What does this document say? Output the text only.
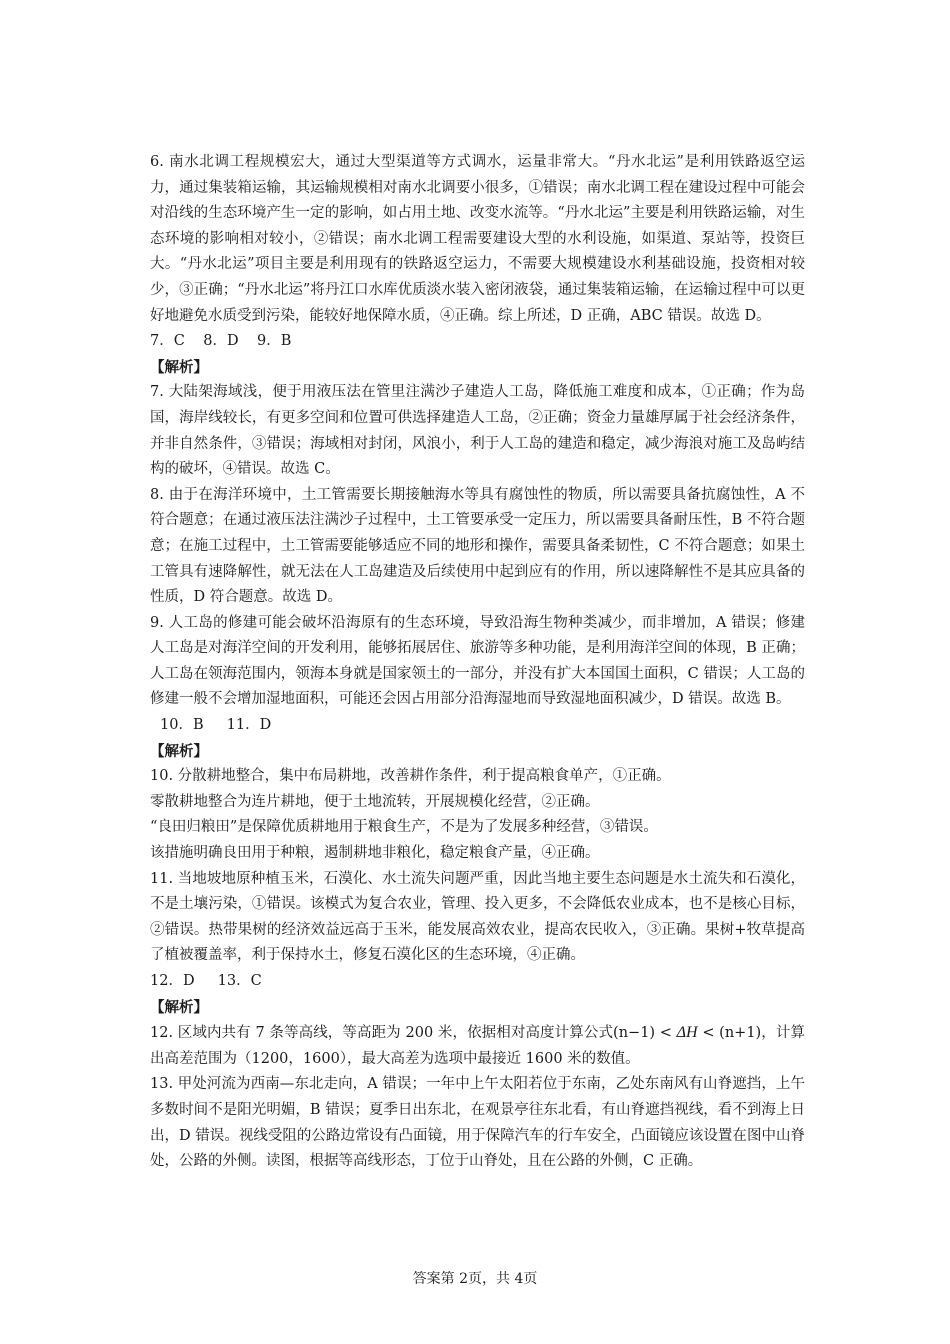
6. 南水北调工程规模宏大，通过大型渠道等方式调水，运量非常大。“丹水北运”是利用铁路返空运力，通过集装箱运输，其运输规模相对南水北调要小很多，①错误；南水北调工程在建设过程中可能会对沿线的生态环境产生一定的影响，如占用土地、改变水流等。“丹水北运”主要是利用铁路运输，对生态环境的影响相对较小，②错误；南水北调工程需要建设大型的水利设施，如渠道、泵站等，投资巨大。“丹水北运”项目主要是利用现有的铁路返空运力，不需要大规模建设水利基础设施，投资相对较少，③正确；“丹水北运”将丹江口水库优质淡水装入密闭液袋，通过集装箱运输，在运输过程中可以更好地避免水质受到污染，能较好地保障水质，④正确。综上所述，D 正确，ABC 错误。故选 D。

7．C    8．D    9．B

【解析】

7. 大陆架海域浅，便于用液压法在管里注满沙子建造人工岛，降低施工难度和成本，①正确；作为岛国，海岸线较长，有更多空间和位置可供选择建造人工岛，②正确；资金力量雄厚属于社会经济条件，并非自然条件，③错误；海域相对封闭，风浪小，利于人工岛的建造和稳定，减少海浪对施工及岛屿结构的破坏，④错误。故选 C。

8. 由于在海洋环境中，土工管需要长期接触海水等具有腐蚀性的物质，所以需要具备抗腐蚀性，A 不符合题意；在通过液压法注满沙子过程中，土工管要承受一定压力，所以需要具备耐压性，B 不符合题意；在施工过程中，土工管需要能够适应不同的地形和操作，需要具备柔韧性，C 不符合题意；如果土工管具有速降解性，就无法在人工岛建造及后续使用中起到应有的作用，所以速降解性不是其应具备的性质，D 符合题意。故选 D。

9. 人工岛的修建可能会破坏沿海原有的生态环境，导致沿海生物种类减少，而非增加，A 错误；修建人工岛是对海洋空间的开发利用，能够拓展居住、旅游等多种功能，是利用海洋空间的体现，B 正确；人工岛在领海范围内，领海本身就是国家领土的一部分，并没有扩大本国国土面积，C 错误；人工岛的修建一般不会增加湿地面积，可能还会因占用部分沿海湿地而导致湿地面积减少，D 错误。故选 B。

10．B     11．D

【解析】

10. 分散耕地整合，集中布局耕地，改善耕作条件，利于提高粮食单产，①正确。

零散耕地整合为连片耕地，便于土地流转，开展规模化经营，②正确。

“良田归粮田”是保障优质耕地用于粮食生产，不是为了发展多种经营，③错误。

该措施明确良田用于种粮，遏制耕地非粮化，稳定粮食产量，④正确。

11. 当地坡地原种植玉米，石漠化、水土流失问题严重，因此当地主要生态问题是水土流失和石漠化，不是土壤污染，①错误。该模式为复合农业，管理、投入更多，不会降低农业成本，也不是核心目标，②错误。热带果树的经济效益远高于玉米，能发展高效农业，提高农民收入，③正确。果树+牧草提高了植被覆盖率，利于保持水土，修复石漠化区的生态环境，④正确。

12．D     13．C

【解析】

12. 区域内共有 7 条等高线，等高距为 200 米，依据相对高度计算公式(n−1) < ΔH < (n+1)，计算出高差范围为（1200，1600），最大高差为选项中最接近 1600 米的数值。

13. 甲处河流为西南—东北走向，A 错误；一年中上午太阳若位于东南，乙处东南风有山脊遮挡，上午多数时间不是阳光明媚，B 错误；夏季日出东北，在观景亭往东北看，有山脊遮挡视线，看不到海上日出，D 错误。视线受阻的公路边常设有凸面镜，用于保障汽车的行车安全，凸面镜应该设置在图中山脊处，公路的外侧。读图，根据等高线形态，丁位于山脊处，且在公路的外侧，C 正确。

答案第 2页，共 4页
